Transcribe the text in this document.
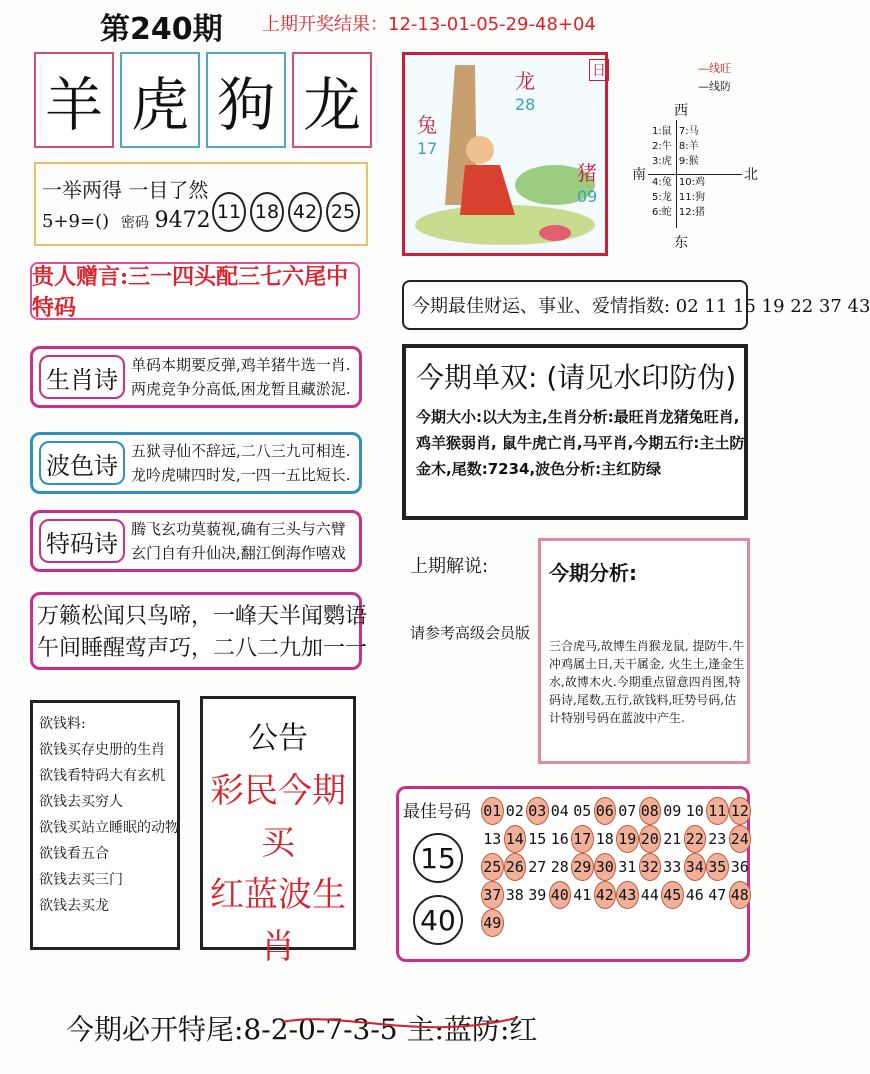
第240期 上期开奖结果：12-13-01-05-29-48+04
羊 虎 狗 龙
一举两得 一目了然
5+9=() 密码 9472 11 18 42 25
贵人赠言:三一四头配三七六尾中特码
生肖诗
单码本期要反弹,鸡羊猪牛选一肖.
两虎竞争分高低,困龙暂且藏淤泥.
波色诗
五狱寻仙不辞远,二八三九可相连.
龙吟虎啸四时发,一四一五比短长.
特码诗
腾飞玄功莫藐视,确有三头与六臂
玄门自有升仙决,翻江倒海作嘻戏
万籁松闻只鸟啼，一峰天半闻鹦语
午间睡醒莺声巧，二八二九加一一
欲钱料:
欲钱买存史册的生肖
欲钱看特码大有玄机
欲钱去买穷人
欲钱买站立睡眠的动物
欲钱看五合
欲钱去买三门
欲钱去买龙
公告
彩民今期买
红蓝波生肖
兔
17
龙
28
猪
09
日	—线旺
—线防
西
南	北
东
1:鼠 7:马
2:牛 8:羊
3:虎 9:猴
4:兔 10:鸡
5:龙 11:狗
6:蛇 12:猪
今期最佳财运、事业、爱情指数: 02 11 15 19 22 37 43
今期单双: (请见水印防伪)
今期大小:以大为主,生肖分析:最旺肖龙猪兔旺肖,鸡羊猴弱肖, 鼠牛虎亡肖,马平肖,今期五行:主土防金木,尾数:7234,波色分析:主红防绿
上期解说:
请参考高级会员版
今期分析:
三合虎马,故博生肖猴龙鼠, 提防牛.牛冲鸡属土日,天干属金, 火生土,逢金生水,故博木火.今期重点留意四肖图,特码诗,尾数,五行,欲钱料,旺势号码,估计特别号码在蓝波中产生.
最佳号码
15
40
01 02 03 04 05 06 07 08 09 10 11 12
13 14 15 16 17 18 19 20 21 22 23 24
25 26 27 28 29 30 31 32 33 34 35 36
37 38 39 40 41 42 43 44 45 46 47 48
49
今期必开特尾:8-2-0-7-3-5 主:蓝防:红
